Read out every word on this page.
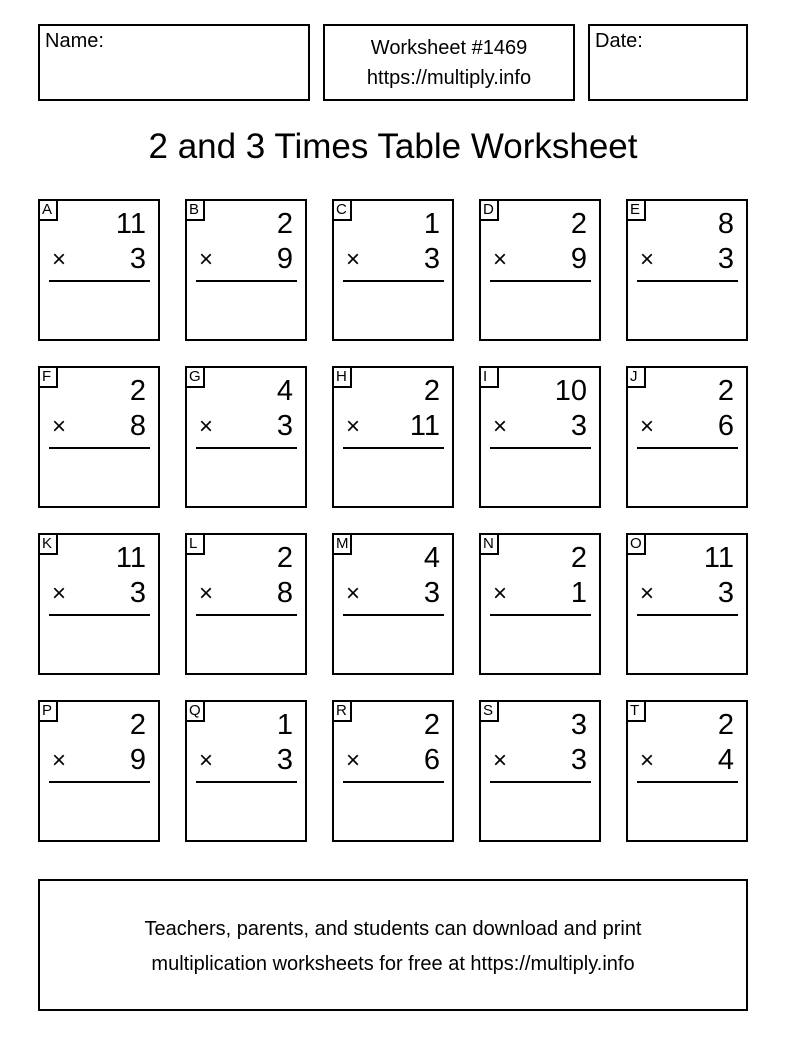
Name:	Worksheet #1469
https://multiply.info
Date:
2 and 3 Times Table Worksheet
A 11
× 3
B	2
× 9
C	1
× 3
D	2
× 9
E	8
× 3
F	2
× 8
G	4
× 3
H	2
× 11
I	10
× 3
J	2
× 6
K 11
× 3
L	2
× 8
M	4
× 3
N	2
× 1
O 11
× 3
P	2
× 9
Q	1
× 3
R	2
× 6
S	3
× 3
T	2
× 4
Teachers, parents, and students can download and print
multiplication worksheets for free at https://multiply.info
